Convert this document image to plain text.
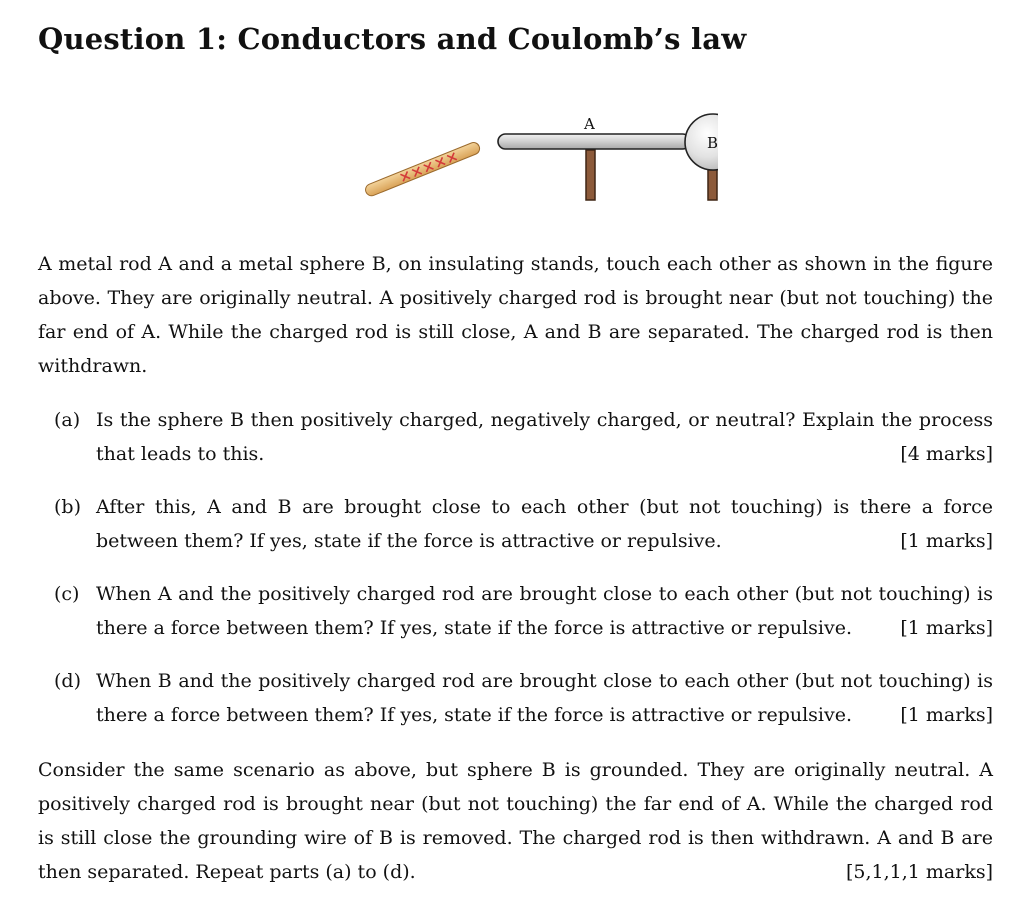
Question 1: Conductors and Coulomb’s law
×××××
A
B

A metal rod A and a metal sphere B, on insulating stands, touch each other as shown in the figure above. They are originally neutral. A positively charged rod is brought near (but not touching) the far end of A. While the charged rod is still close, A and B are separated. The charged rod is then withdrawn.

(a) Is the sphere B then positively charged, negatively charged, or neutral? Explain the process that leads to this.	[4 marks]
(b) After this, A and B are brought close to each other (but not touching) is there a force between them? If yes, state if the force is attractive or repulsive.	[1 marks]
(c) When A and the positively charged rod are brought close to each other (but not touching) is there a force between them? If yes, state if the force is attractive or repulsive.	[1 marks]
(d) When B and the positively charged rod are brought close to each other (but not touching) is there a force between them? If yes, state if the force is attractive or repulsive.	[1 marks]

Consider the same scenario as above, but sphere B is grounded. They are originally neutral. A positively charged rod is brought near (but not touching) the far end of A. While the charged rod is still close the grounding wire of B is removed. The charged rod is then withdrawn. A and B are then separated. Repeat parts (a) to (d).	[5,1,1,1 marks]
